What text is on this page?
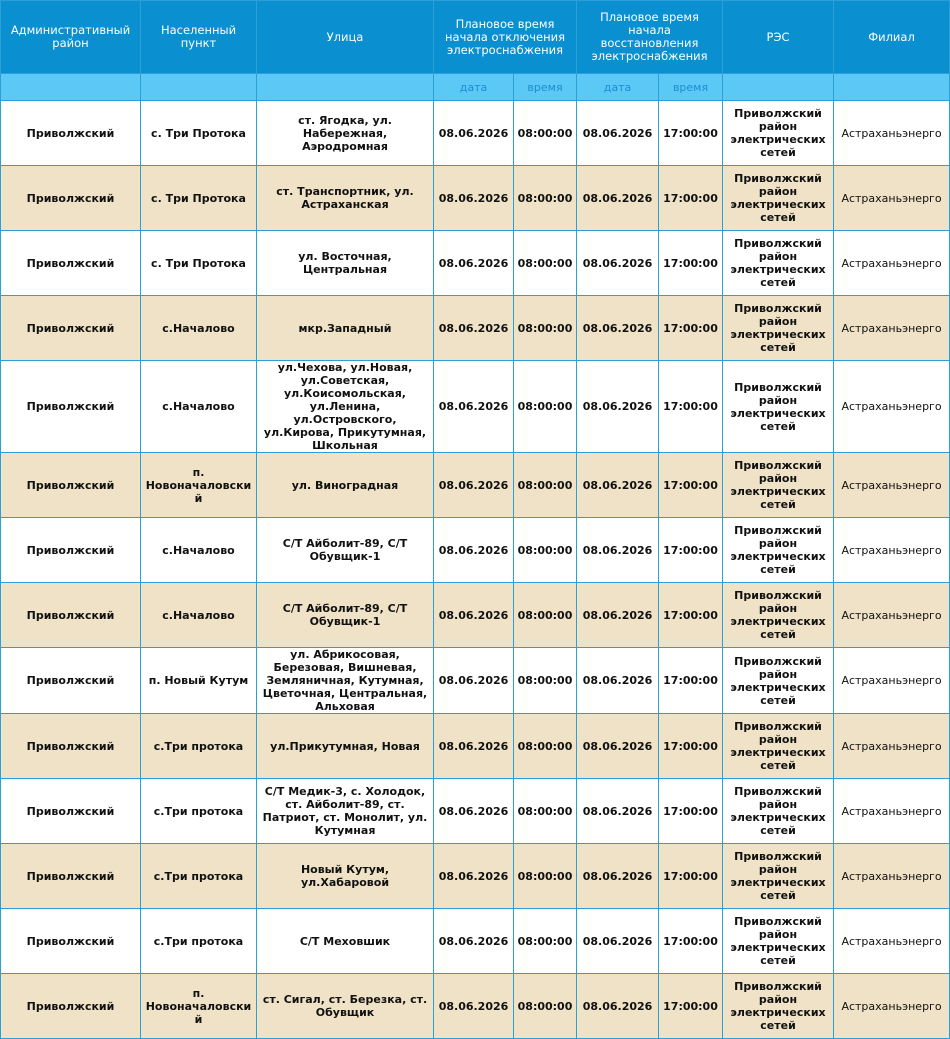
Административный район	Населенный пункт	Улица	Плановое время начала отключения электроснабжения		Плановое время начала восстановления электроснабжения		РЭС	Филиал
			дата	время	дата	время		
Приволжский	с. Три Протока	ст. Ягодка, ул. Набережная, Аэродромная	08.06.2026	08:00:00	08.06.2026	17:00:00	Приволжский район электрических сетей	Астраханьэнерго
Приволжский	с. Три Протока	ст. Транспортник, ул. Астраханская	08.06.2026	08:00:00	08.06.2026	17:00:00	Приволжский район электрических сетей	Астраханьэнерго
Приволжский	с. Три Протока	ул. Восточная, Центральная	08.06.2026	08:00:00	08.06.2026	17:00:00	Приволжский район электрических сетей	Астраханьэнерго
Приволжский	с.Началово	мкр.Западный	08.06.2026	08:00:00	08.06.2026	17:00:00	Приволжский район электрических сетей	Астраханьэнерго
Приволжский	с.Началово	ул.Чехова, ул.Новая, ул.Советская, ул.Коисомольская, ул.Ленина, ул.Островского, ул.Кирова, Прикутумная, Школьная	08.06.2026	08:00:00	08.06.2026	17:00:00	Приволжский район электрических сетей	Астраханьэнерго
Приволжский	п. Новоначаловский	ул. Виноградная	08.06.2026	08:00:00	08.06.2026	17:00:00	Приволжский район электрических сетей	Астраханьэнерго
Приволжский	с.Началово	С/Т Айболит-89, С/Т Обувщик-1	08.06.2026	08:00:00	08.06.2026	17:00:00	Приволжский район электрических сетей	Астраханьэнерго
Приволжский	с.Началово	С/Т Айболит-89, С/Т Обувщик-1	08.06.2026	08:00:00	08.06.2026	17:00:00	Приволжский район электрических сетей	Астраханьэнерго
Приволжский	п. Новый Кутум	ул. Абрикосовая, Березовая, Вишневая, Земляничная, Кутумная, Цветочная, Центральная, Альховая	08.06.2026	08:00:00	08.06.2026	17:00:00	Приволжский район электрических сетей	Астраханьэнерго
Приволжский	с.Три протока	ул.Прикутумная, Новая	08.06.2026	08:00:00	08.06.2026	17:00:00	Приволжский район электрических сетей	Астраханьэнерго
Приволжский	с.Три протока	С/Т Медик-3, с. Холодок, ст. Айболит-89, ст. Патриот, ст. Монолит, ул. Кутумная	08.06.2026	08:00:00	08.06.2026	17:00:00	Приволжский район электрических сетей	Астраханьэнерго
Приволжский	с.Три протока	Новый Кутум, ул.Хабаровой	08.06.2026	08:00:00	08.06.2026	17:00:00	Приволжский район электрических сетей	Астраханьэнерго
Приволжский	с.Три протока	С/Т Меховшик	08.06.2026	08:00:00	08.06.2026	17:00:00	Приволжский район электрических сетей	Астраханьэнерго
Приволжский	п. Новоначаловский	ст. Сигал, ст. Березка, ст. Обувщик	08.06.2026	08:00:00	08.06.2026	17:00:00	Приволжский район электрических сетей	Астраханьэнерго
